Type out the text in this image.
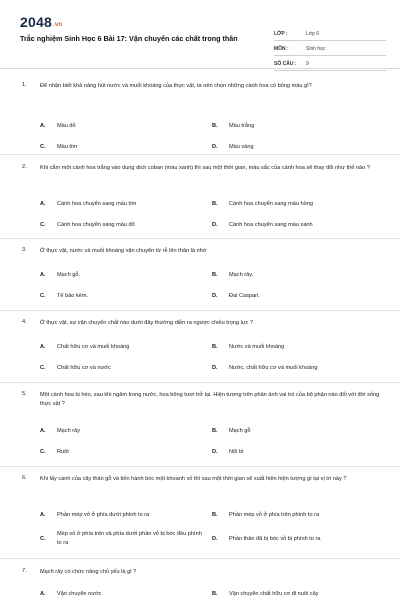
2048.vn
Trắc nghiệm Sinh Học 6 Bài 17: Vận chuyển các chất trong thân	LỚP :	Lớp 6
MÔN :	Sinh học
SỐ CÂU : 9
1. Để nhận biết khả năng hút nước và muối khoáng của thực vật, ta nên chọn những cành hoa có bông màu gì?
A. Màu đỏ	B. Màu trắng
C. Màu tím	D. Màu vàng
2. Khi cắm một cành hoa trắng vào dung dịch coban (màu xanh) thì sau một thời gian, màu sắc của cánh hoa sẽ thay đổi như thế nào ?
A. Cánh hoa chuyển sang màu tím	B. Cánh hoa chuyển sang màu hồng
C. Cánh hoa chuyển sang màu đỏ	D. Cánh hoa chuyển sang màu xanh
3. Ở thực vật, nước và muối khoáng vận chuyển từ rễ lên thân là nhờ
A. Mạch gỗ.	B. Mạch rây.
C. Tế bào kèm.	D. Đai Caspari.
4. Ở thực vật, sự vận chuyển chất nào dưới đây thường diễn ra ngược chiều trọng lực ?
A. Chất hữu cơ và muối khoáng	B. Nước và muối khoáng
C. Chất hữu cơ và nước	D. Nước, chất hữu cơ và muối khoáng
5. Một cành hoa bị héo, sau khi ngâm trong nước, hoa bông tươi trở lại. Hiện tượng trên phản ánh vai trò của bộ phận nào đối với đời sống thực vật ?
A. Mạch rây	B. Mạch gỗ
C. Ruột	D. Nội bì
6. Khi lấy cành của cây thân gỗ và tiến hành bóc một khoanh vỏ thì sau một thời gian sẽ xuất hiện hiện tượng gì tại vị trí này ?
A. Phần mép vỏ ở phía dưới phình to ra	B. Phần mép vỏ ở phía trên phình to ra
C.
Mép vỏ ở phía trên và phía dưới phần vỏ bị bóc đều phình to ra
D. Phần thân đã bị bóc vỏ bị phình to ra
7. Mạch rây có chức năng chủ yếu là gì ?
A. Vận chuyển nước	B. Vận chuyển chất hữu cơ đi nuôi cây
